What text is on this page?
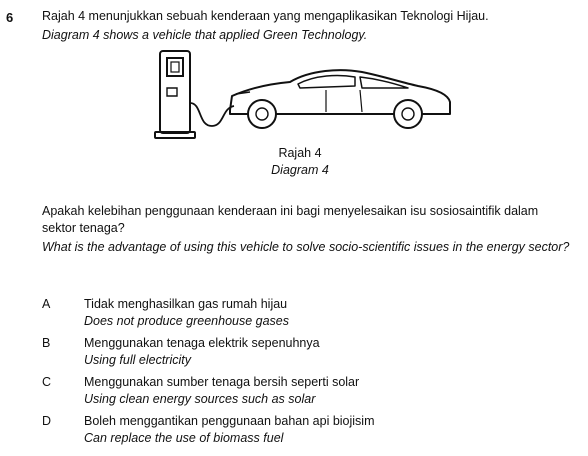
6 Rajah 4 menunjukkan sebuah kenderaan yang mengaplikasikan Teknologi Hijau.
Diagram 4 shows a vehicle that applied Green Technology.
Rajah 4
Diagram 4
Apakah kelebihan penggunaan kenderaan ini bagi menyelesaikan isu sosiosaintifik dalam sektor tenaga?
What is the advantage of using this vehicle to solve socio-scientific issues in the energy sector?
A	Tidak menghasilkan gas rumah hijau
Does not produce greenhouse gases
B	Menggunakan tenaga elektrik sepenuhnya
Using full electricity
C	Menggunakan sumber tenaga bersih seperti solar
Using clean energy sources such as solar
D	Boleh menggantikan penggunaan bahan api biojisim
Can replace the use of biomass fuel
